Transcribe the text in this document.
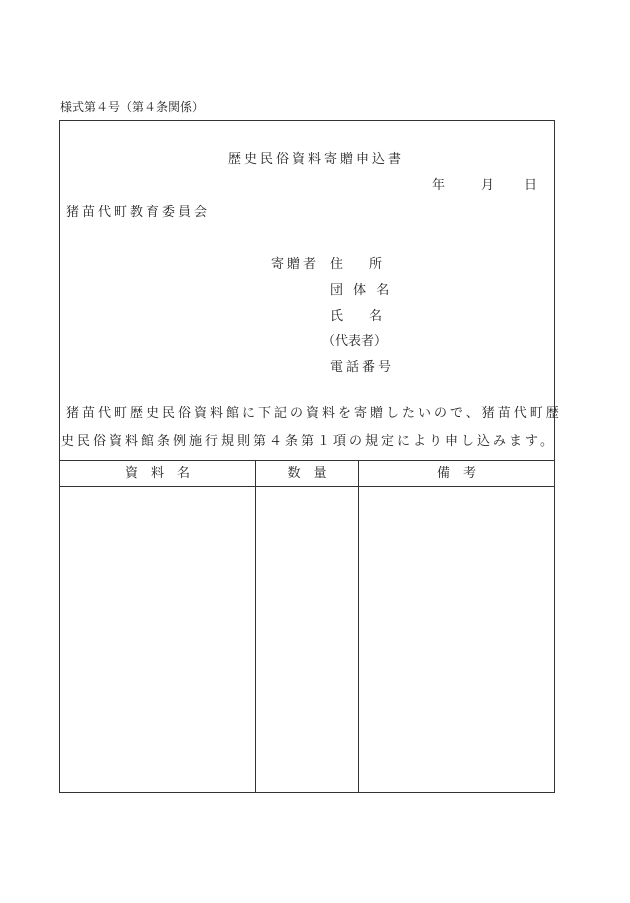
様式第４号（第４条関係）
歴史民俗資料寄贈申込書
年	月 日
猪苗代町教育委員会
寄贈者 住　　所
団 体 名
氏　　名
（代表者）
電話番号
猪苗代町歴史民俗資料館に下記の資料を寄贈したいので、猪苗代町歴
史民俗資料館条例施行規則第４条第１項の規定により申し込みます。
資　料　名	数　量	備　考
